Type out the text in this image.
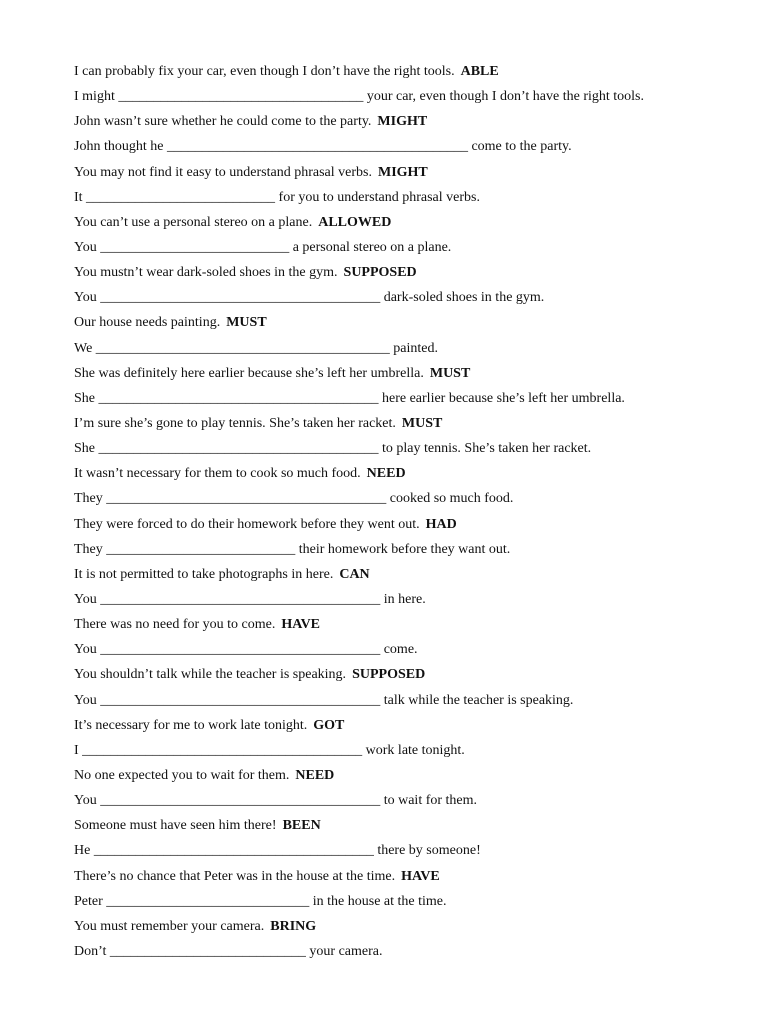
I can probably fix your car, even though I don’t have the right tools. ABLE
I might ___________________________________ your car, even though I don’t have the right tools.
John wasn’t sure whether he could come to the party. MIGHT
John thought he ___________________________________________ come to the party.
You may not find it easy to understand phrasal verbs. MIGHT
It ___________________________ for you to understand phrasal verbs.
You can’t use a personal stereo on a plane. ALLOWED
You ___________________________ a personal stereo on a plane.
You mustn’t wear dark-soled shoes in the gym. SUPPOSED
You ________________________________________ dark-soled shoes in the gym.
Our house needs painting. MUST
We __________________________________________ painted.
She was definitely here earlier because she’s left her umbrella. MUST
She ________________________________________ here earlier because she’s left her umbrella.
I’m sure she’s gone to play tennis. She’s taken her racket. MUST
She ________________________________________ to play tennis. She’s taken her racket.
It wasn’t necessary for them to cook so much food. NEED
They ________________________________________ cooked so much food.
They were forced to do their homework before they went out. HAD
They ___________________________ their homework before they want out.
It is not permitted to take photographs in here. CAN
You ________________________________________ in here.
There was no need for you to come. HAVE
You ________________________________________ come.
You shouldn’t talk while the teacher is speaking. SUPPOSED
You ________________________________________ talk while the teacher is speaking.
It’s necessary for me to work late tonight. GOT
I ________________________________________ work late tonight.
No one expected you to wait for them. NEED
You ________________________________________ to wait for them.
Someone must have seen him there! BEEN
He ________________________________________ there by someone!
There’s no chance that Peter was in the house at the time. HAVE
Peter _____________________________ in the house at the time.
You must remember your camera. BRING
Don’t ____________________________ your camera.
